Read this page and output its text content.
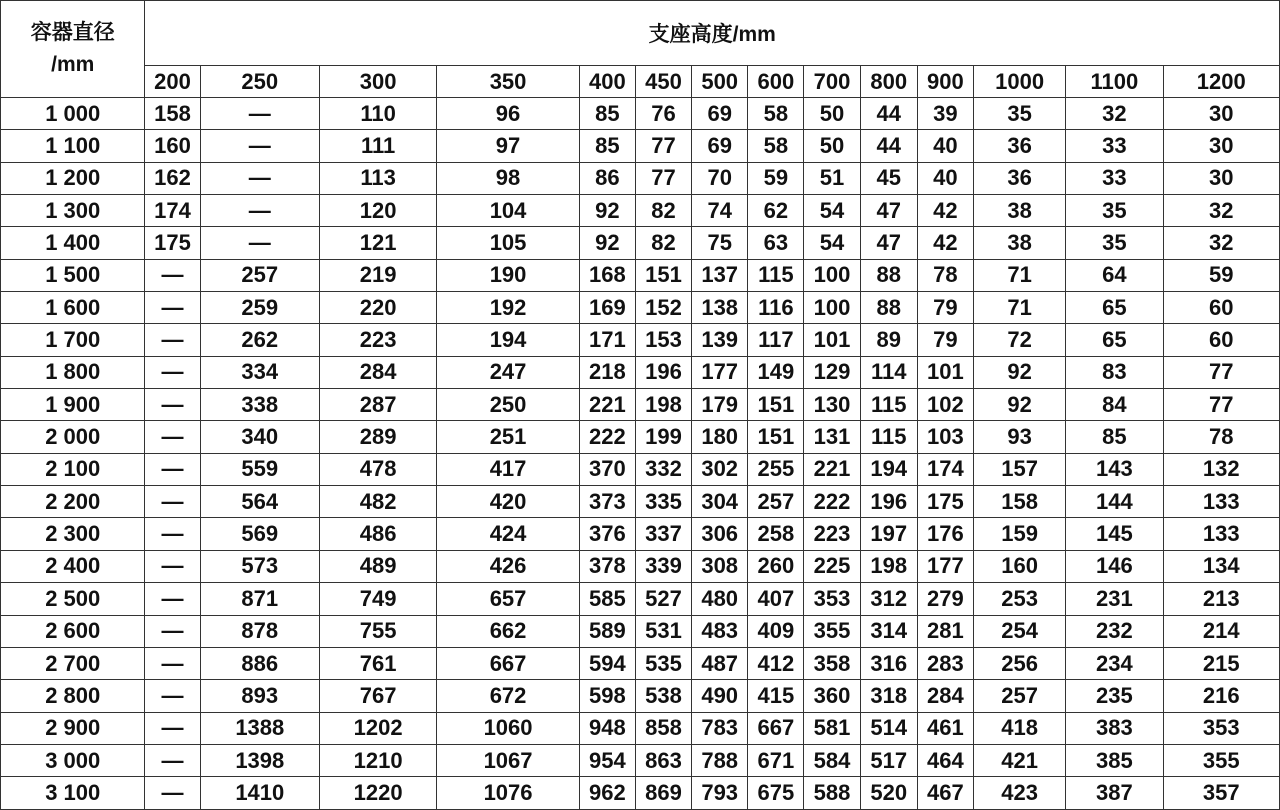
容器直径
/mm	支座高度/mm													
	200	250	300	350	400	450	500	600	700	800	900	1000	1100	1200
1 000	158	—	110	96	85	76	69	58	50	44	39	35	32	30
1 100	160	—	111	97	85	77	69	58	50	44	40	36	33	30
1 200	162	—	113	98	86	77	70	59	51	45	40	36	33	30
1 300	174	—	120	104	92	82	74	62	54	47	42	38	35	32
1 400	175	—	121	105	92	82	75	63	54	47	42	38	35	32
1 500	—	257	219	190	168	151	137	115	100	88	78	71	64	59
1 600	—	259	220	192	169	152	138	116	100	88	79	71	65	60
1 700	—	262	223	194	171	153	139	117	101	89	79	72	65	60
1 800	—	334	284	247	218	196	177	149	129	114	101	92	83	77
1 900	—	338	287	250	221	198	179	151	130	115	102	92	84	77
2 000	—	340	289	251	222	199	180	151	131	115	103	93	85	78
2 100	—	559	478	417	370	332	302	255	221	194	174	157	143	132
2 200	—	564	482	420	373	335	304	257	222	196	175	158	144	133
2 300	—	569	486	424	376	337	306	258	223	197	176	159	145	133
2 400	—	573	489	426	378	339	308	260	225	198	177	160	146	134
2 500	—	871	749	657	585	527	480	407	353	312	279	253	231	213
2 600	—	878	755	662	589	531	483	409	355	314	281	254	232	214
2 700	—	886	761	667	594	535	487	412	358	316	283	256	234	215
2 800	—	893	767	672	598	538	490	415	360	318	284	257	235	216
2 900	—	1388	1202	1060	948	858	783	667	581	514	461	418	383	353
3 000	—	1398	1210	1067	954	863	788	671	584	517	464	421	385	355
3 100	—	1410	1220	1076	962	869	793	675	588	520	467	423	387	357
